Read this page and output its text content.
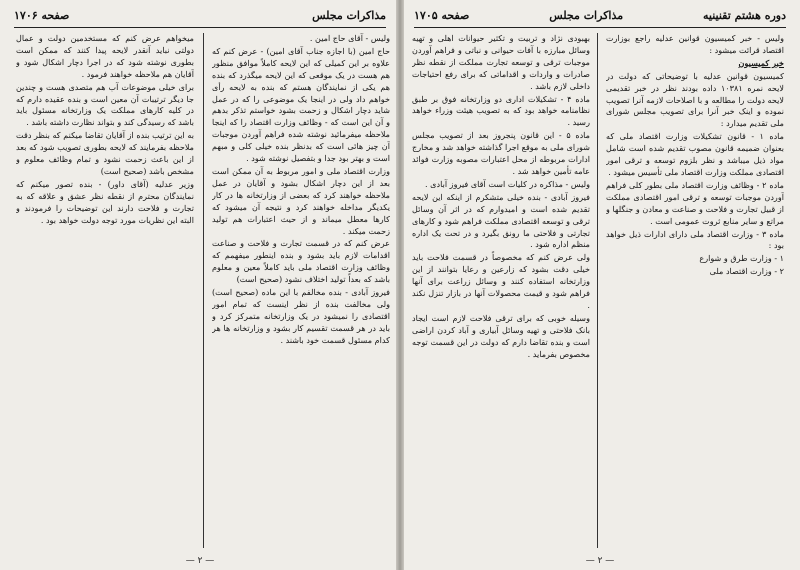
مذاکرات مجلس
صفحه ۱۷۰۶

ولیس - آقای حاج امین .

حاج امین (با اجازه جناب آقای امین) - عرض کنم که علاوه بر این کمیلی که این لایحه کاملاً موافق منظور هم هست در یک موقعی که این لایحه میگذرد که بنده هم یکی از نمایندگان هستم که بنده به لایحه رأی خواهم داد ولی در اینجا یک موضوعی را که در عمل شاید دچار اشکال و زحمت بشود خواستم تذکر بدهم و آن این است که - وظائف وزارت اقتصاد را که اینجا ملاحظه میفرمائید نوشته شده فراهم آوردن موجبات آن چیز هائی است که بدنظر بنده خیلی کلی و مبهم است و بهتر بود جدا و بتفصیل نوشته شود .

وزارت اقتصاد ملی و امور مربوط به آن ممکن است بعد از این دچار اشکال بشود و آقایان در عمل ملاحظه خواهند کرد که بعضی از وزارتخانه ها در کار یکدیگر مداخله خواهند کرد و نتیجه آن میشود که کارها معطل میماند و از حیث اعتبارات هم تولید زحمت میکند .

عرض کنم که در قسمت تجارت و فلاحت و صناعت اقدامات لازم باید بشود و بنده اینطور میفهمم که وظائف وزارت اقتصاد ملی باید کاملاً معین و معلوم باشد که بعداً تولید اختلاف نشود (صحیح است)

فیروز آبادی - بنده مخالفم با این ماده (صحیح است) ولی مخالفت بنده از نظر اینست که تمام امور اقتصادی را نمیشود در یک وزارتخانه متمرکز کرد و باید در هر قسمت تقسیم کار بشود و وزارتخانه ها هر کدام مسئول قسمت خود باشند .

میخواهم عرض کنم که مستخدمین دولت و عمال دولتی نباید آنقدر لایحه پیدا کنند که ممکن است بطوری نوشته شود که در اجرا دچار اشکال شود و آقایان هم ملاحظه خواهند فرمود .

برای خیلی موضوعات آب هم متصدی هست و چندین جا دیگر ترتیبات آن معین است و بنده عقیده دارم که در کلیه کارهای مملکت یک وزارتخانه مسئول باید باشد که رسیدگی کند و بتواند نظارت داشته باشد .

به این ترتیب بنده از آقایان تقاضا میکنم که بنظر دقت ملاحظه بفرمایند که لایحه بطوری تصویب شود که بعد از این باعث زحمت نشود و تمام وظائف معلوم و مشخص باشد (صحیح است)

وزیر عدلیه (آقای داور) - بنده تصور میکنم که نمایندگان محترم از نقطه نظر عشق و علاقه که به تجارت و فلاحت دارند این توضیحات را فرمودند و البته این نظریات مورد توجه دولت خواهد بود .

— ۲ —
دوره هشتم تقنینیه
مذاکرات مجلس
صفحه ۱۷۰۵

ولیس - خبر کمیسیون قوانین عدلیه راجع بوزارت اقتصاد قرائت میشود :

خبر کمیسیون

کمیسیون قوانین عدلیه با توضیحاتی که دولت در لایحه نمره ۱۰۳۸۱ داده بودند نظر در خبر تقدیمی لایحه دولت را مطالعه و با اصلاحات لازمه آنرا تصویب نموده و اینک خبر آنرا برای تصویب مجلس شورای ملی تقدیم میدارد :

ماده ۱ - قانون تشکیلات وزارت اقتصاد ملی که بعنوان ضمیمه قانون مصوب تقدیم شده است شامل مواد ذیل میباشد و نظر بلزوم توسعه و ترقی امور اقتصادی مملکت وزارت اقتصاد ملی تأسیس میشود .

ماده ۲ - وظائف وزارت اقتصاد ملی بطور کلی فراهم آوردن موجبات توسعه و ترقی امور اقتصادی مملکت از قبیل تجارت و فلاحت و صناعت و معادن و جنگلها و مراتع و سایر منابع ثروت عمومی است .

ماده ۳ - وزارت اقتصاد ملی دارای ادارات ذیل خواهد بود :

۱ - وزارت طرق و شوارع

۲ - وزارت اقتصاد ملی

بهبودی نژاد و تربیت و تکثیر حیوانات اهلی و تهیه وسائل مبارزه با آفات حیوانی و نباتی و فراهم آوردن موجبات ترقی و توسعه تجارت مملکت از نقطه نظر صادرات و واردات و اقداماتی که برای رفع احتیاجات داخلی لازم باشد .

ماده ۴ - تشکیلات اداری دو وزارتخانه فوق بر طبق نظامنامه خواهد بود که به تصویب هیئت وزراء خواهد رسید .

ماده ۵ - این قانون پنجروز بعد از تصویب مجلس شورای ملی به موقع اجرا گذاشته خواهد شد و مخارج ادارات مربوطه از محل اعتبارات مصوبه وزارت فوائد عامه تأمین خواهد شد .

ولیس - مذاکره در کلیات است آقای فیروز آبادی .

فیروز آبادی - بنده خیلی متشکرم از اینکه این لایحه تقدیم شده است و امیدوارم که در اثر آن وسائل ترقی و توسعه اقتصادی مملکت فراهم شود و کارهای تجارتی و فلاحتی ما رونق بگیرد و در تحت یک اداره منظم اداره شود .

ولی عرض کنم که مخصوصاً در قسمت فلاحت باید خیلی دقت بشود که زارعین و رعایا بتوانند از این وزارتخانه استفاده کنند و وسائل زراعت برای آنها فراهم شود و قیمت محصولات آنها در بازار تنزل نکند .

وسیله خوبی که برای ترقی فلاحت لازم است ایجاد بانک فلاحتی و تهیه وسائل آبیاری و آباد کردن اراضی است و بنده تقاضا دارم که دولت در این قسمت توجه مخصوص بفرماید .

— ۲ —
